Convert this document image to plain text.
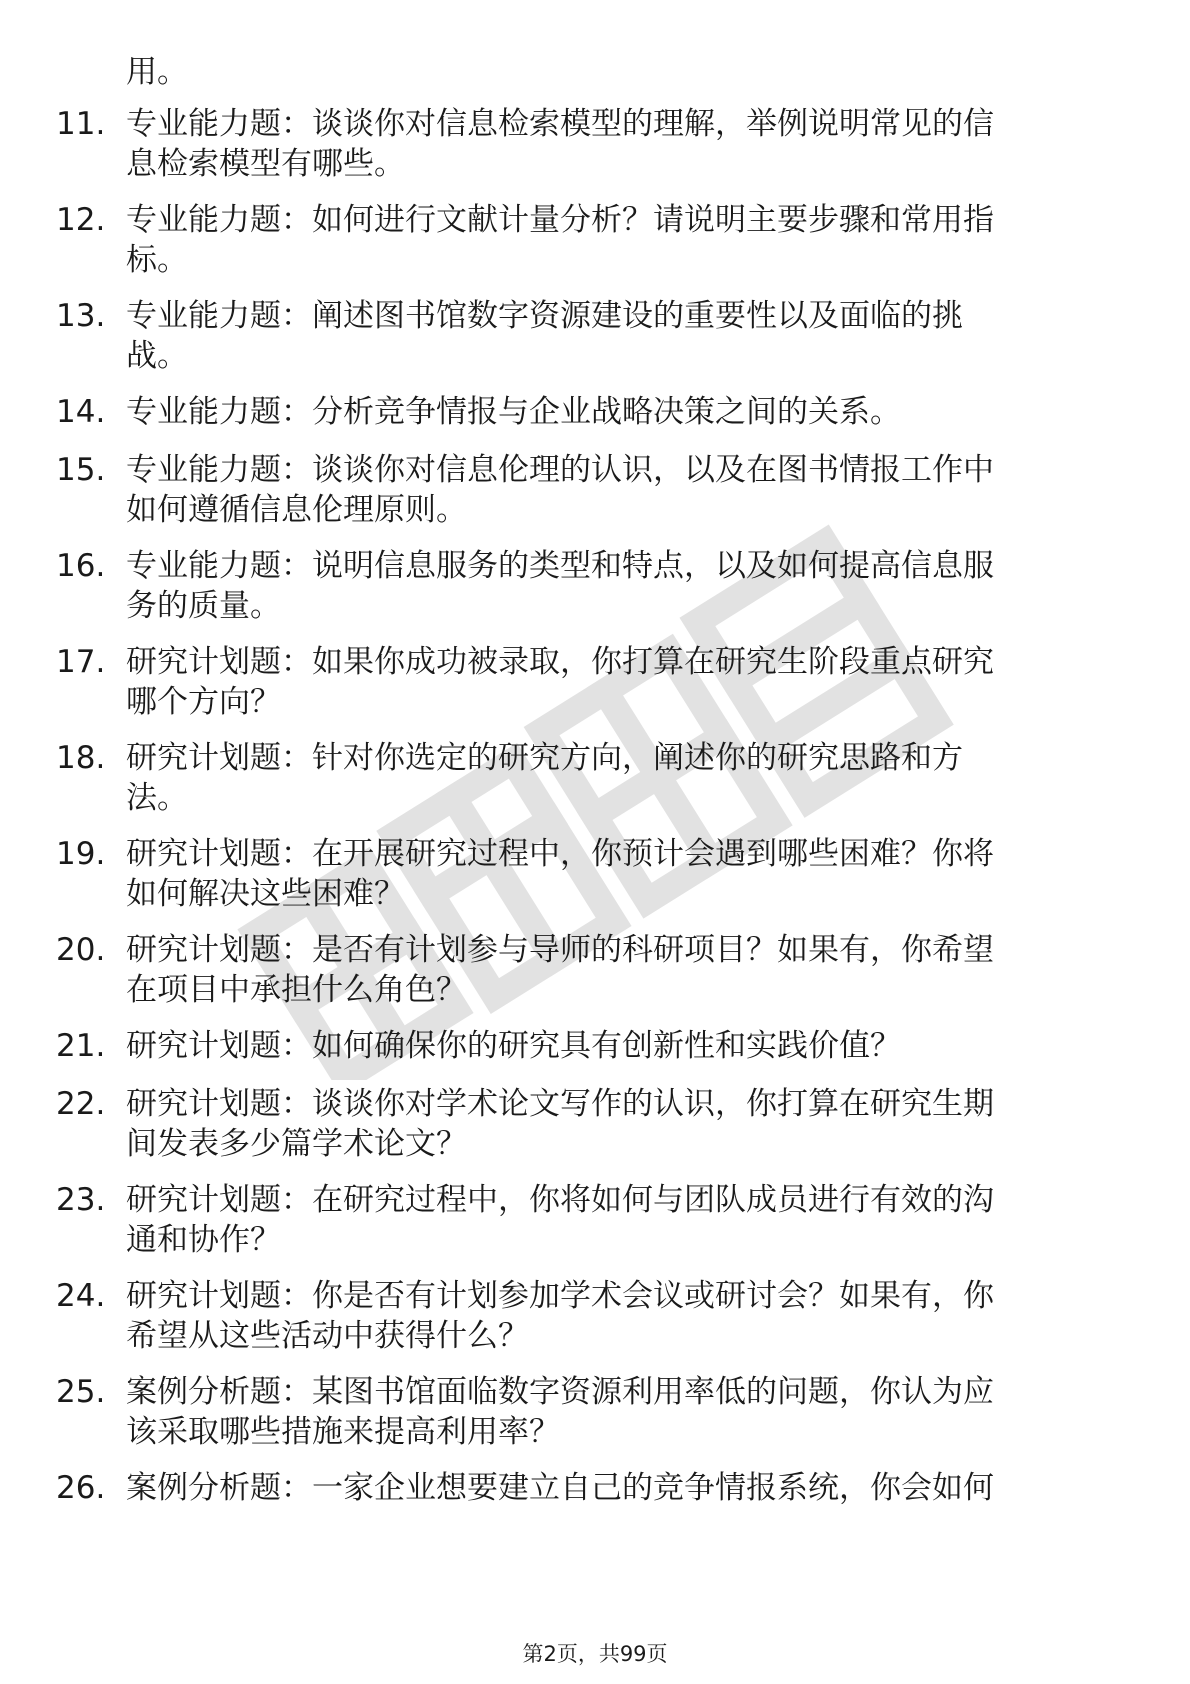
用。
11. 专业能力题：谈谈你对信息检索模型的理解，举例说明常见的信
息检索模型有哪些。
12. 专业能力题：如何进行文献计量分析？请说明主要步骤和常用指
标。
13. 专业能力题：阐述图书馆数字资源建设的重要性以及面临的挑
战。
14. 专业能力题：分析竞争情报与企业战略决策之间的关系。
15. 专业能力题：谈谈你对信息伦理的认识，以及在图书情报工作中
如何遵循信息伦理原则。
16. 专业能力题：说明信息服务的类型和特点，以及如何提高信息服
务的质量。
17. 研究计划题：如果你成功被录取，你打算在研究生阶段重点研究
哪个方向？
18. 研究计划题：针对你选定的研究方向，阐述你的研究思路和方
法。
19. 研究计划题：在开展研究过程中，你预计会遇到哪些困难？你将
如何解决这些困难？
20. 研究计划题：是否有计划参与导师的科研项目？如果有，你希望
在项目中承担什么角色？
21. 研究计划题：如何确保你的研究具有创新性和实践价值？
22. 研究计划题：谈谈你对学术论文写作的认识，你打算在研究生期
间发表多少篇学术论文？
23. 研究计划题：在研究过程中，你将如何与团队成员进行有效的沟
通和协作？
24. 研究计划题：你是否有计划参加学术会议或研讨会？如果有，你
希望从这些活动中获得什么？
25. 案例分析题：某图书馆面临数字资源利用率低的问题，你认为应
该采取哪些措施来提高利用率？
26. 案例分析题：一家企业想要建立自己的竞争情报系统，你会如何
第2页，共99页
